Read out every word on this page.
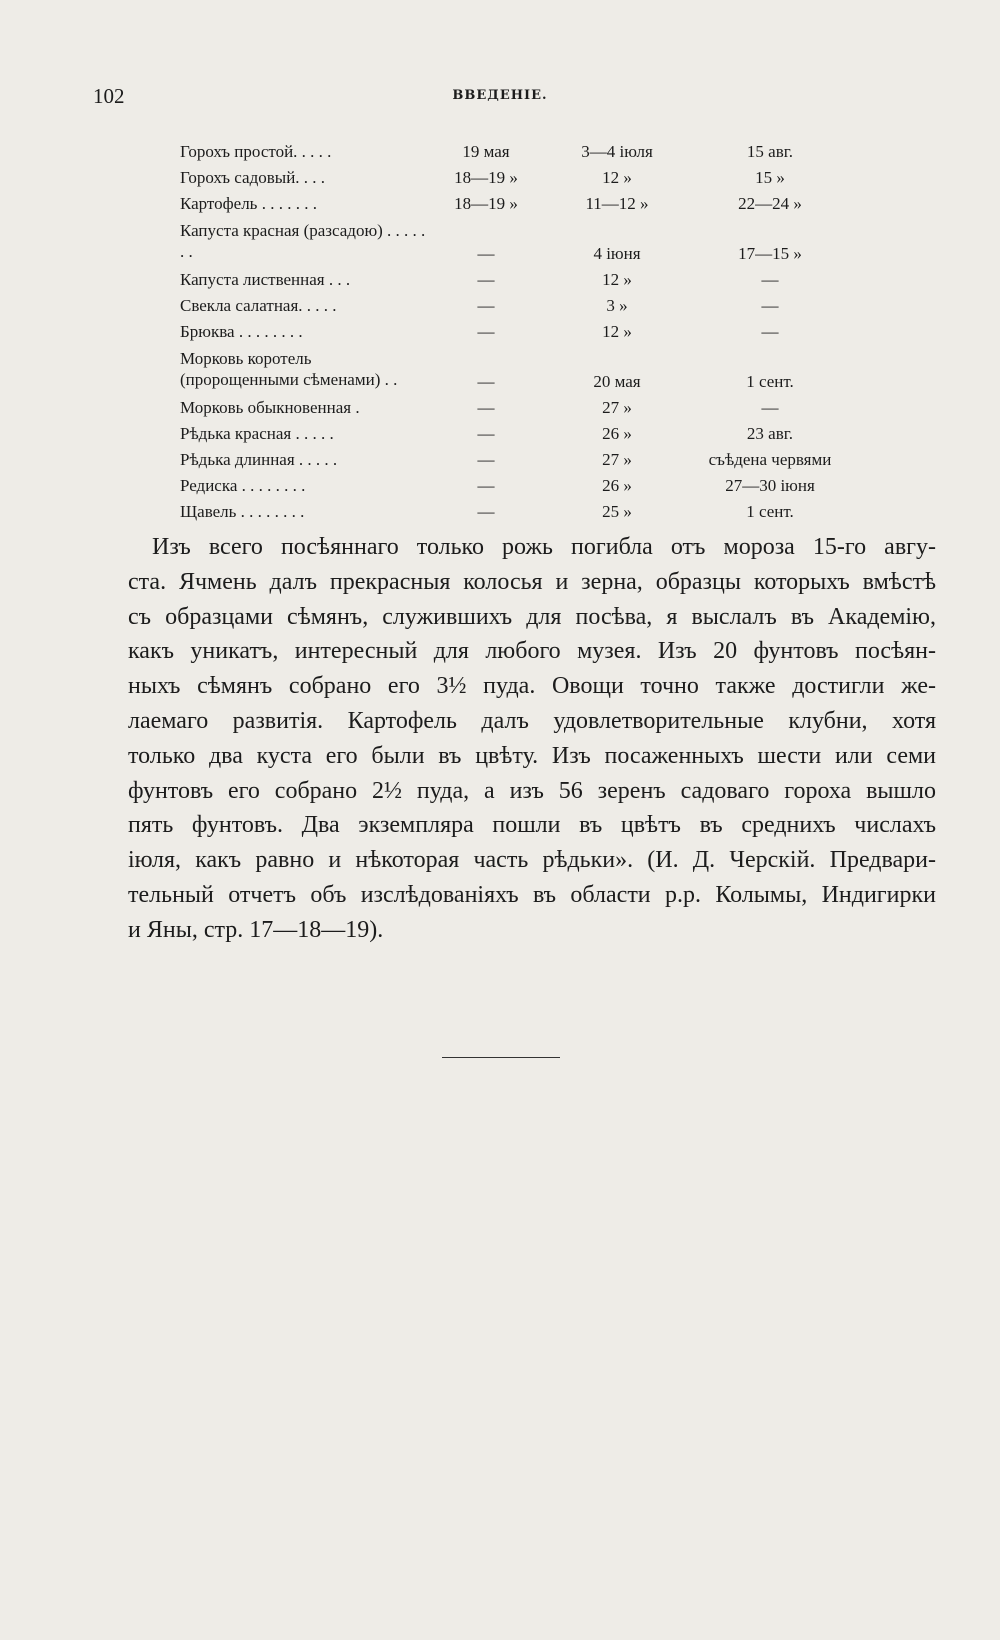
102	ВВЕДЕНІЕ.
Горохъ простой. . . . .	19 мая	3—4 іюля	15 авг.
Горохъ садовый. . . .	18—19 »	12 »	15 »
Картофель . . . . . . .	18—19 »	11—12 »	22—24 »

Капуста красная (разсадою) . . . . . . .	—	4 іюня	17—15 »
Капуста лиственная . . .	—	12 »	—
Свекла салатная. . . . .	—	3 »	—
Брюква . . . . . . . .	—	12 »	—

Морковь коротель (пророщенными сѣменами) . .	—	20 мая	1 сент.
Морковь обыкновенная .	—	27 »	—
Рѣдька красная . . . . .	—	26 »	23 авг.
Рѣдька длинная . . . . .	—	27 »	съѣдена червями
Редиска . . . . . . . .	—	26 »	27—30 іюня
Щавель . . . . . . . .	—	25 »	1 сент.
Изъ всего посѣяннаго только рожь погибла отъ мороза 15-го авгу-
ста. Ячмень далъ прекрасныя колосья и зерна, образцы которыхъ вмѣстѣ
съ образцами сѣмянъ, служившихъ для посѣва, я выслалъ въ Академію,
какъ уникатъ, интересный для любого музея. Изъ 20 фунтовъ посѣян-
ныхъ сѣмянъ собрано его 3½ пуда. Овощи точно также достигли же-
лаемаго развитія. Картофель далъ удовлетворительные клубни, хотя
только два куста его были въ цвѣту. Изъ посаженныхъ шести или семи
фунтовъ его собрано 2½ пуда, а изъ 56 зеренъ садоваго гороха вышло
пять фунтовъ. Два экземпляра пошли въ цвѣтъ въ среднихъ числахъ
іюля, какъ равно и нѣкоторая часть рѣдьки». (И. Д. Черскій. Предвари-
тельный отчетъ объ изслѣдованіяхъ въ области р.р. Колымы, Индигирки
и Яны, стр. 17—18—19).
